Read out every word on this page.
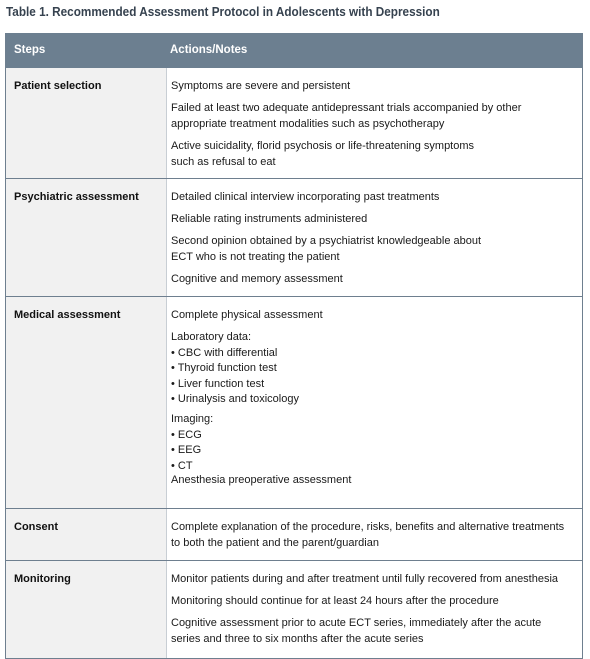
Table 1. Recommended Assessment Protocol in Adolescents with Depression
Steps	Actions/Notes
Patient selection	Symptoms are severe and persistent
Failed at least two adequate antidepressant trials accompanied by other
appropriate treatment modalities such as psychotherapy
Active suicidality, florid psychosis or life-threatening symptoms
such as refusal to eat
Psychiatric assessment	Detailed clinical interview incorporating past treatments
Reliable rating instruments administered
Second opinion obtained by a psychiatrist knowledgeable about
ECT who is not treating the patient
Cognitive and memory assessment
Medical assessment	Complete physical assessment
Laboratory data:
• CBC with differential
• Thyroid function test
• Liver function test
• Urinalysis and toxicology
Imaging:
• ECG
• EEG
• CT
Anesthesia preoperative assessment
Consent	Complete explanation of the procedure, risks, benefits and alternative treatments
to both the patient and the parent/guardian
Monitoring	Monitor patients during and after treatment until fully recovered from anesthesia
Monitoring should continue for at least 24 hours after the procedure
Cognitive assessment prior to acute ECT series, immediately after the acute
series and three to six months after the acute series
